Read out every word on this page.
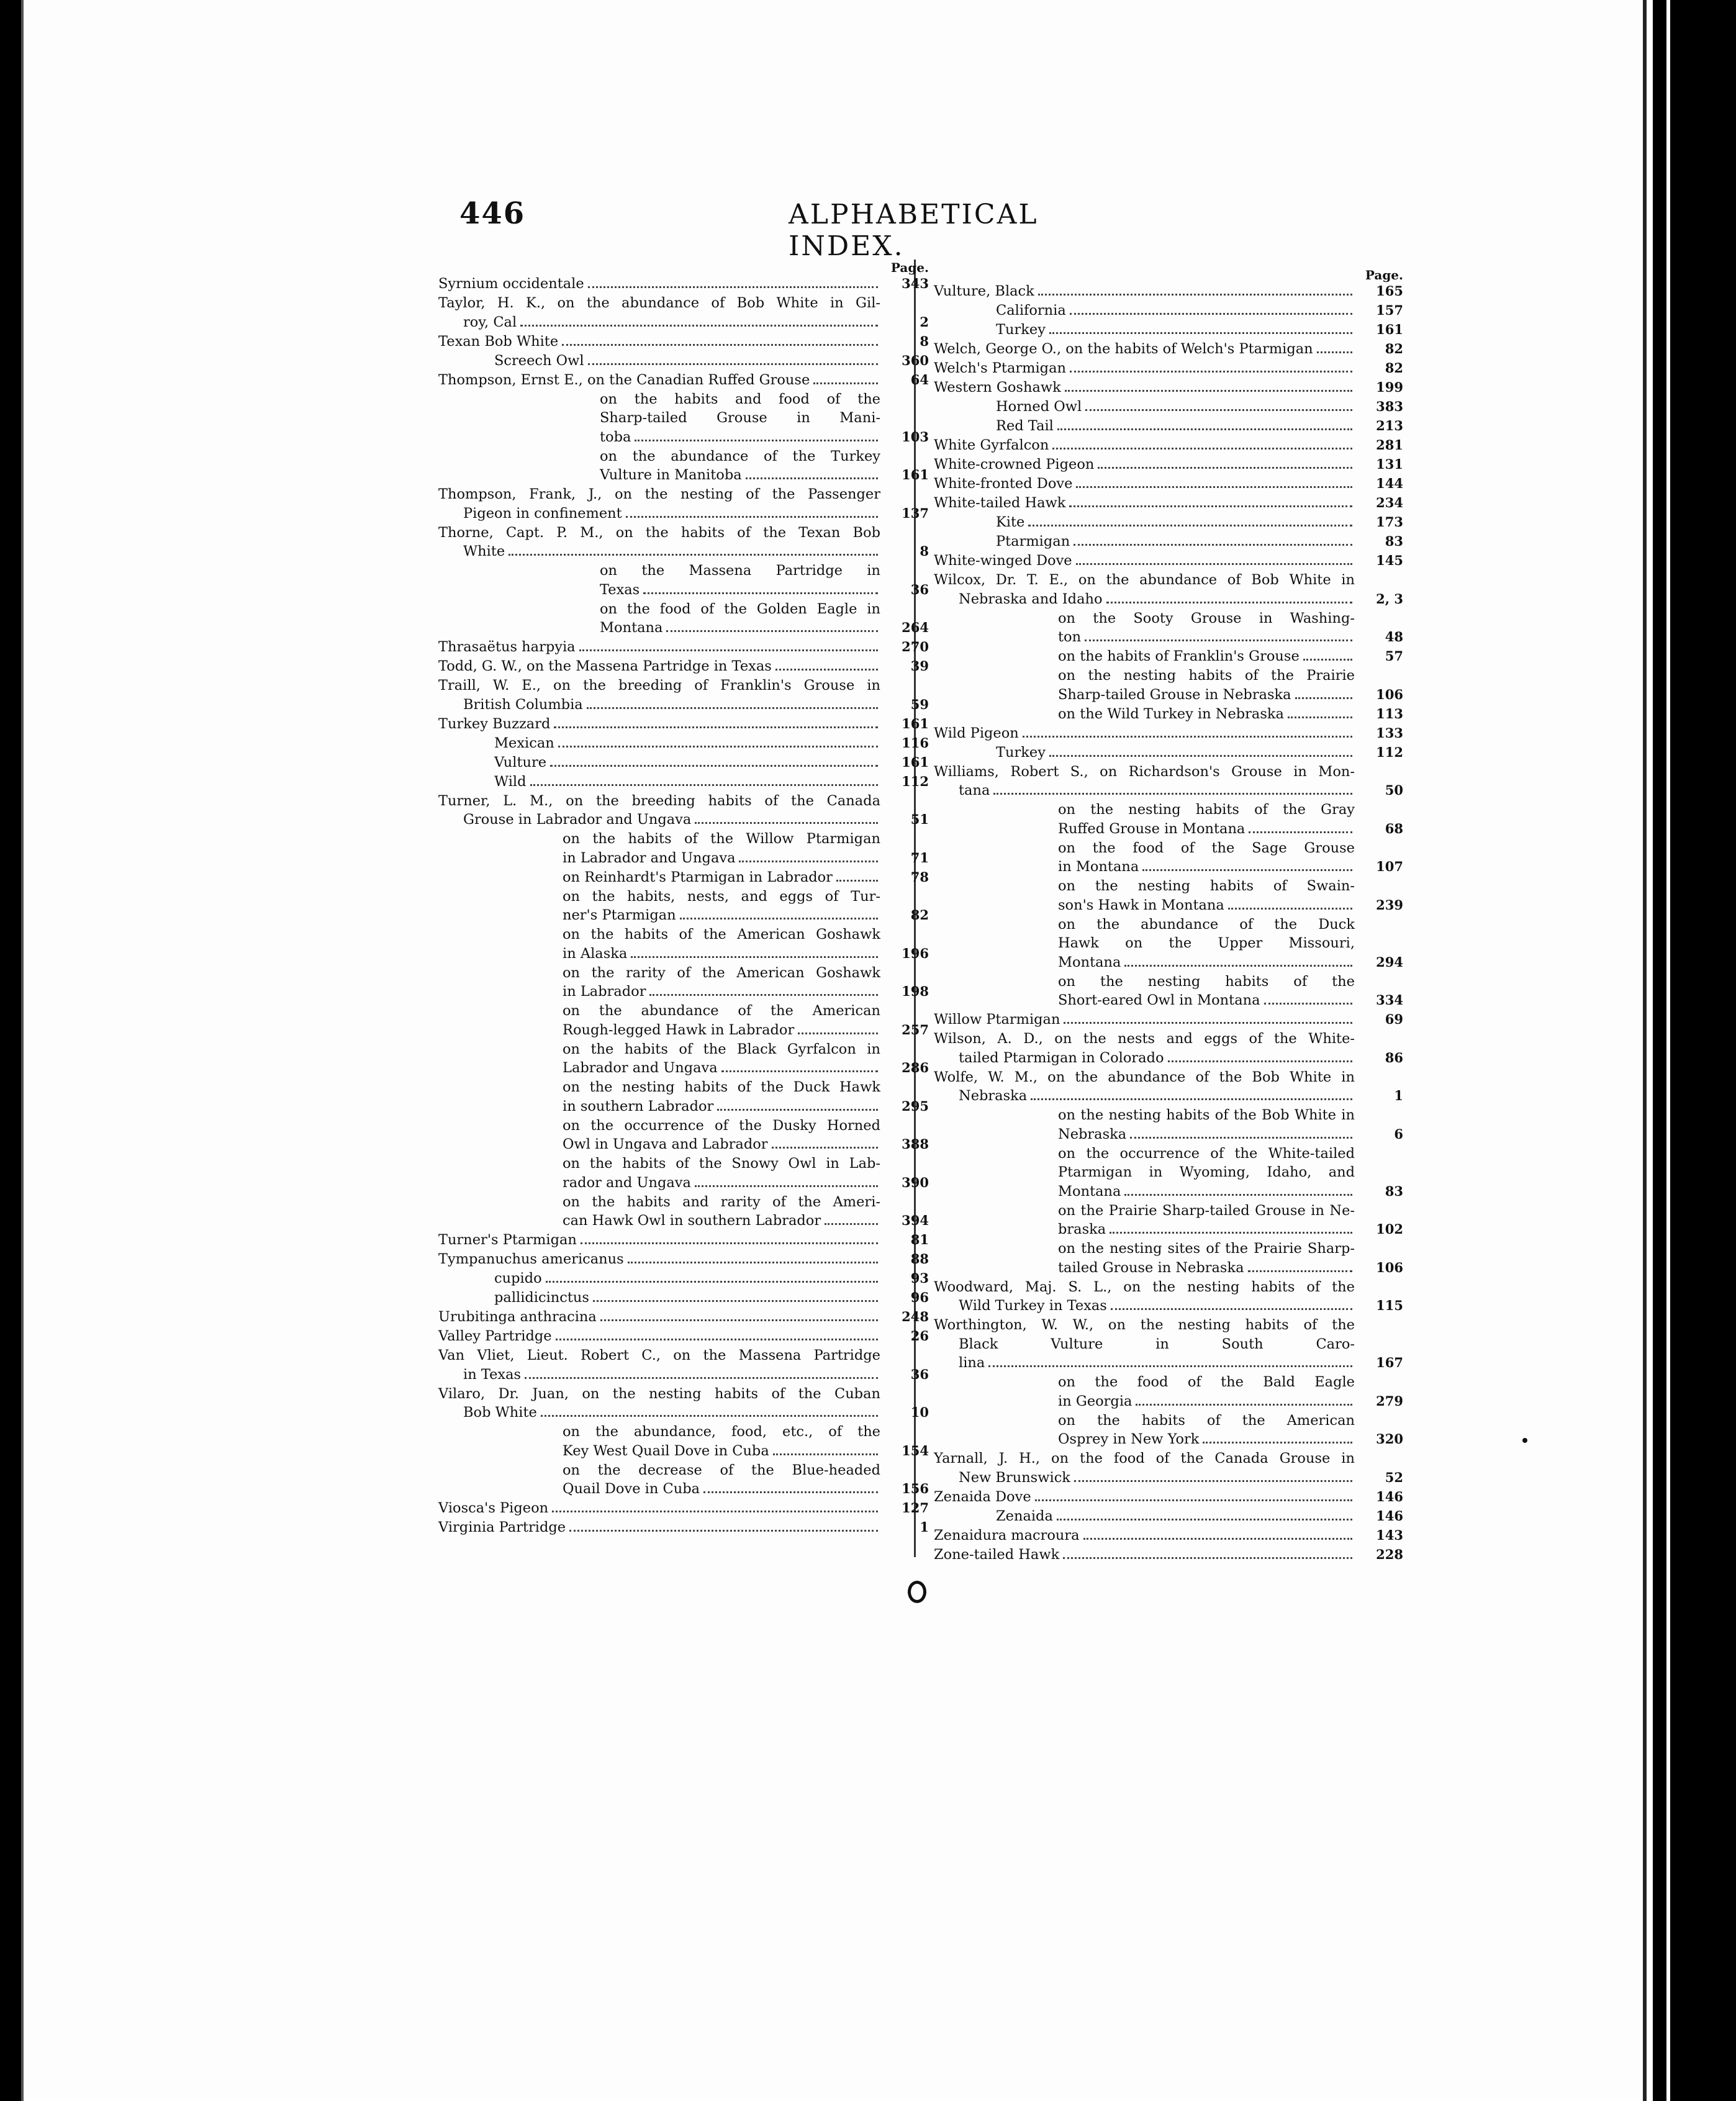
446	ALPHABETICAL INDEX.
Page.
Syrnium occidentale	343
Taylor, H. K., on the abundance of Bob White in Gil-
roy, Cal	2
Texan Bob White	8
Screech Owl	360
Thompson, Ernst E., on the Canadian Ruffed Grouse	64
on the habits and food of the
Sharp-tailed Grouse in Mani-
toba	103
on the abundance of the Turkey
Vulture in Manitoba	161
Thompson, Frank, J., on the nesting of the Passenger
Pigeon in confinement	137
Thorne, Capt. P. M., on the habits of the Texan Bob
White	8
on the Massena Partridge in
Texas	36
on the food of the Golden Eagle in
Montana	264
Thrasaëtus harpyia	270
Todd, G. W., on the Massena Partridge in Texas	39
Traill, W. E., on the breeding of Franklin's Grouse in
British Columbia	59
Turkey Buzzard	161
Mexican	116
Vulture	161
Wild	112
Turner, L. M., on the breeding habits of the Canada
Grouse in Labrador and Ungava	51
on the habits of the Willow Ptarmigan
in Labrador and Ungava	71
on Reinhardt's Ptarmigan in Labrador	78
on the habits, nests, and eggs of Tur-
ner's Ptarmigan	82
on the habits of the American Goshawk
in Alaska	196
on the rarity of the American Goshawk
in Labrador	198
on the abundance of the American
Rough-legged Hawk in Labrador	257
on the habits of the Black Gyrfalcon in
Labrador and Ungava	286
on the nesting habits of the Duck Hawk
in southern Labrador	295
on the occurrence of the Dusky Horned
Owl in Ungava and Labrador	388
on the habits of the Snowy Owl in Lab-
rador and Ungava	390
on the habits and rarity of the Ameri-
can Hawk Owl in southern Labrador	394
Turner's Ptarmigan	81
Tympanuchus americanus	88
cupido	93
pallidicinctus	96
Urubitinga anthracina	248
Valley Partridge	26
Van Vliet, Lieut. Robert C., on the Massena Partridge
in Texas	36
Vilaro, Dr. Juan, on the nesting habits of the Cuban
Bob White	10
on the abundance, food, etc., of the
Key West Quail Dove in Cuba	154
on the decrease of the Blue-headed
Quail Dove in Cuba	156
Viosca's Pigeon	127
Virginia Partridge	1
Page.
Vulture, Black	165
California	157
Turkey	161
Welch, George O., on the habits of Welch's Ptarmigan	82
Welch's Ptarmigan	82
Western Goshawk	199
Horned Owl	383
Red Tail	213
White Gyrfalcon	281
White-crowned Pigeon	131
White-fronted Dove	144
White-tailed Hawk	234
Kite	173
Ptarmigan	83
White-winged Dove	145
Wilcox, Dr. T. E., on the abundance of Bob White in
Nebraska and Idaho	2, 3
on the Sooty Grouse in Washing-
ton	48
on the habits of Franklin's Grouse	57
on the nesting habits of the Prairie
Sharp-tailed Grouse in Nebraska	106
on the Wild Turkey in Nebraska	113
Wild Pigeon	133
Turkey	112
Williams, Robert S., on Richardson's Grouse in Mon-
tana	50
on the nesting habits of the Gray
Ruffed Grouse in Montana	68
on the food of the Sage Grouse
in Montana	107
on the nesting habits of Swain-
son's Hawk in Montana	239
on the abundance of the Duck
Hawk on the Upper Missouri,
Montana	294
on the nesting habits of the
Short-eared Owl in Montana	334
Willow Ptarmigan	69
Wilson, A. D., on the nests and eggs of the White-
tailed Ptarmigan in Colorado	86
Wolfe, W. M., on the abundance of the Bob White in
Nebraska	1
on the nesting habits of the Bob White in
Nebraska	6
on the occurrence of the White-tailed
Ptarmigan in Wyoming, Idaho, and
Montana	83
on the Prairie Sharp-tailed Grouse in Ne-
braska	102
on the nesting sites of the Prairie Sharp-
tailed Grouse in Nebraska	106
Woodward, Maj. S. L., on the nesting habits of the
Wild Turkey in Texas	115
Worthington, W. W., on the nesting habits of the
Black Vulture in South Caro-
lina	167
on the food of the Bald Eagle
in Georgia	279
on the habits of the American
Osprey in New York	320
Yarnall, J. H., on the food of the Canada Grouse in
New Brunswick	52
Zenaida Dove	146
Zenaida	146
Zenaidura macroura	143
Zone-tailed Hawk	228
